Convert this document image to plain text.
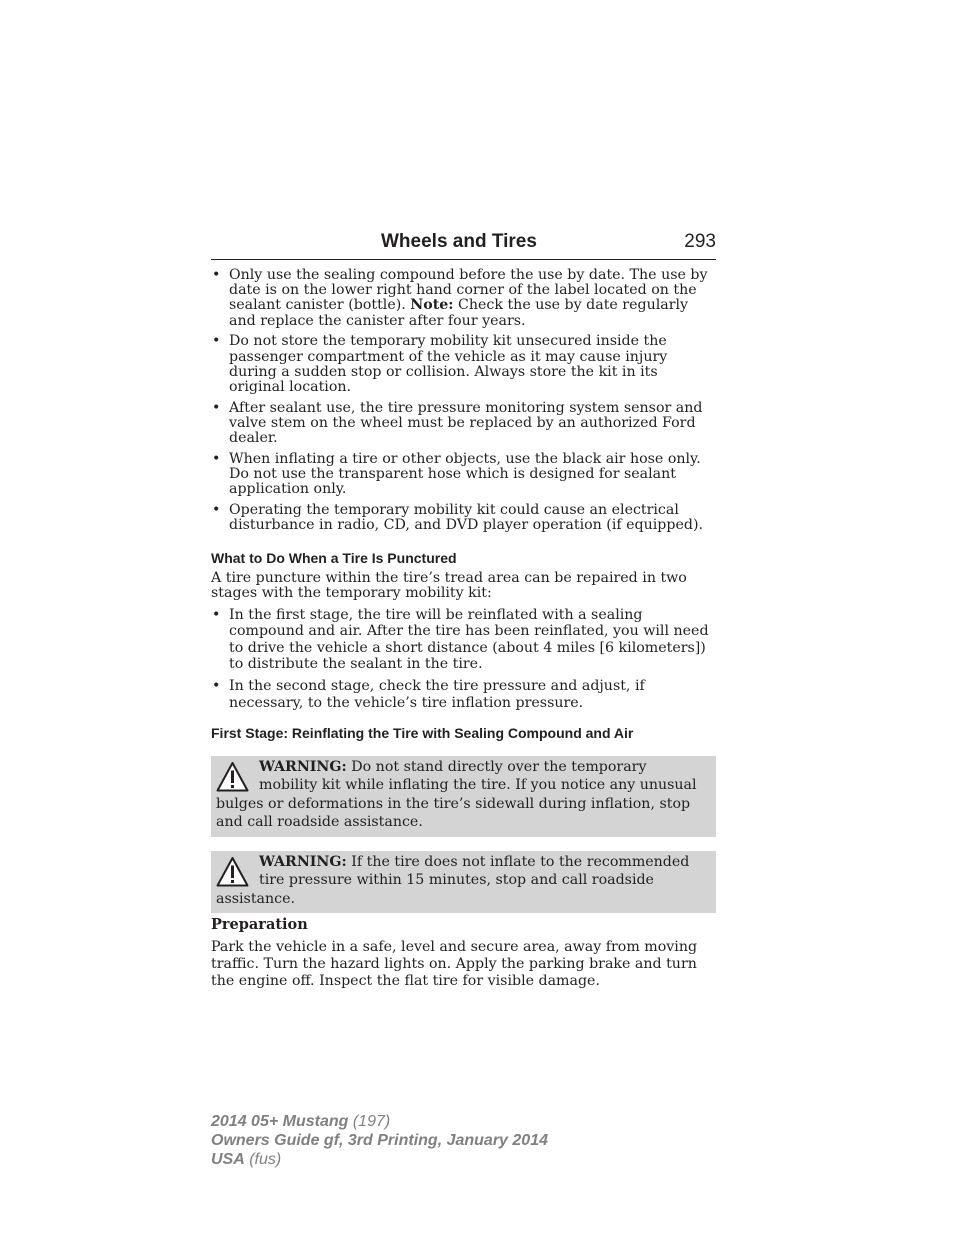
Wheels and Tires	293
• Only use the sealing compound before the use by date. The use by date is on the lower right hand corner of the label located on the sealant canister (bottle). Note: Check the use by date regularly and replace the canister after four years.
• Do not store the temporary mobility kit unsecured inside the passenger compartment of the vehicle as it may cause injury during a sudden stop or collision. Always store the kit in its original location.
• After sealant use, the tire pressure monitoring system sensor and valve stem on the wheel must be replaced by an authorized Ford dealer.
• When inflating a tire or other objects, use the black air hose only. Do not use the transparent hose which is designed for sealant application only.
• Operating the temporary mobility kit could cause an electrical disturbance in radio, CD, and DVD player operation (if equipped).
What to Do When a Tire Is Punctured

A tire puncture within the tire’s tread area can be repaired in two stages with the temporary mobility kit:

• In the first stage, the tire will be reinflated with a sealing compound and air. After the tire has been reinflated, you will need to drive the vehicle a short distance (about 4 miles [6 kilometers]) to distribute the sealant in the tire.
• In the second stage, check the tire pressure and adjust, if necessary, to the vehicle’s tire inflation pressure.
First Stage: Reinflating the Tire with Sealing Compound and Air
WARNING: Do not stand directly over the temporary mobility kit while inflating the tire. If you notice any unusual bulges or deformations in the tire’s sidewall during inflation, stop and call roadside assistance.
WARNING: If the tire does not inflate to the recommended tire pressure within 15 minutes, stop and call roadside assistance.
Preparation

Park the vehicle in a safe, level and secure area, away from moving traffic. Turn the hazard lights on. Apply the parking brake and turn the engine off. Inspect the flat tire for visible damage.

2014 05+ Mustang (197)
Owners Guide gf, 3rd Printing, January 2014
USA (fus)
